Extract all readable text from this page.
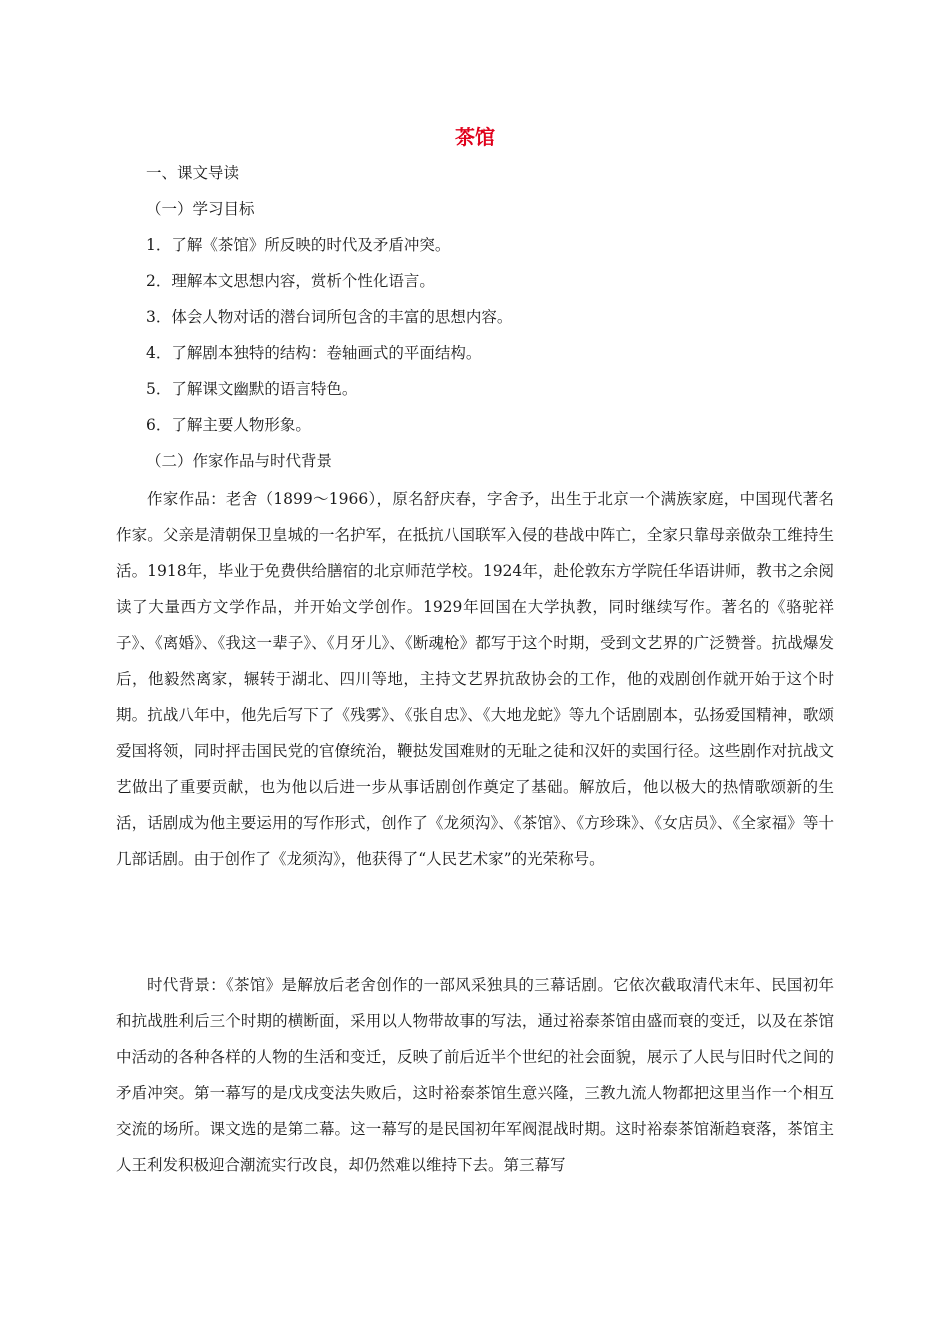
茶馆
一、课文导读
（一）学习目标
1．了解《茶馆》所反映的时代及矛盾冲突。
2．理解本文思想内容，赏析个性化语言。
3．体会人物对话的潜台词所包含的丰富的思想内容。
4．了解剧本独特的结构：卷轴画式的平面结构。
5．了解课文幽默的语言特色。
6．了解主要人物形象。
（二）作家作品与时代背景
作家作品：老舍（1899～1966），原名舒庆春，字舍予，出生于北京一个满族家庭，中国现代著名作家。父亲是清朝保卫皇城的一名护军，在抵抗八国联军入侵的巷战中阵亡，全家只靠母亲做杂工维持生活。1918年，毕业于免费供给膳宿的北京师范学校。1924年，赴伦敦东方学院任华语讲师，教书之余阅读了大量西方文学作品，并开始文学创作。1929年回国在大学执教，同时继续写作。著名的《骆驼祥子》、《离婚》、《我这一辈子》、《月牙儿》、《断魂枪》都写于这个时期，受到文艺界的广泛赞誉。抗战爆发后，他毅然离家，辗转于湖北、四川等地，主持文艺界抗敌协会的工作，他的戏剧创作就开始于这个时期。抗战八年中，他先后写下了《残雾》、《张自忠》、《大地龙蛇》等九个话剧剧本，弘扬爱国精神，歌颂爱国将领，同时抨击国民党的官僚统治，鞭挞发国难财的无耻之徒和汉奸的卖国行径。这些剧作对抗战文艺做出了重要贡献，也为他以后进一步从事话剧创作奠定了基础。解放后，他以极大的热情歌颂新的生活，话剧成为他主要运用的写作形式，创作了《龙须沟》、《茶馆》、《方珍珠》、《女店员》、《全家福》等十几部话剧。由于创作了《龙须沟》，他获得了“人民艺术家”的光荣称号。
时代背景：《茶馆》是解放后老舍创作的一部风采独具的三幕话剧。它依次截取清代末年、民国初年和抗战胜利后三个时期的横断面，采用以人物带故事的写法，通过裕泰茶馆由盛而衰的变迁，以及在茶馆中活动的各种各样的人物的生活和变迁，反映了前后近半个世纪的社会面貌，展示了人民与旧时代之间的矛盾冲突。第一幕写的是戊戌变法失败后，这时裕泰茶馆生意兴隆，三教九流人物都把这里当作一个相互交流的场所。课文选的是第二幕。这一幕写的是民国初年军阀混战时期。这时裕泰茶馆渐趋衰落，茶馆主人王利发积极迎合潮流实行改良，却仍然难以维持下去。第三幕写
